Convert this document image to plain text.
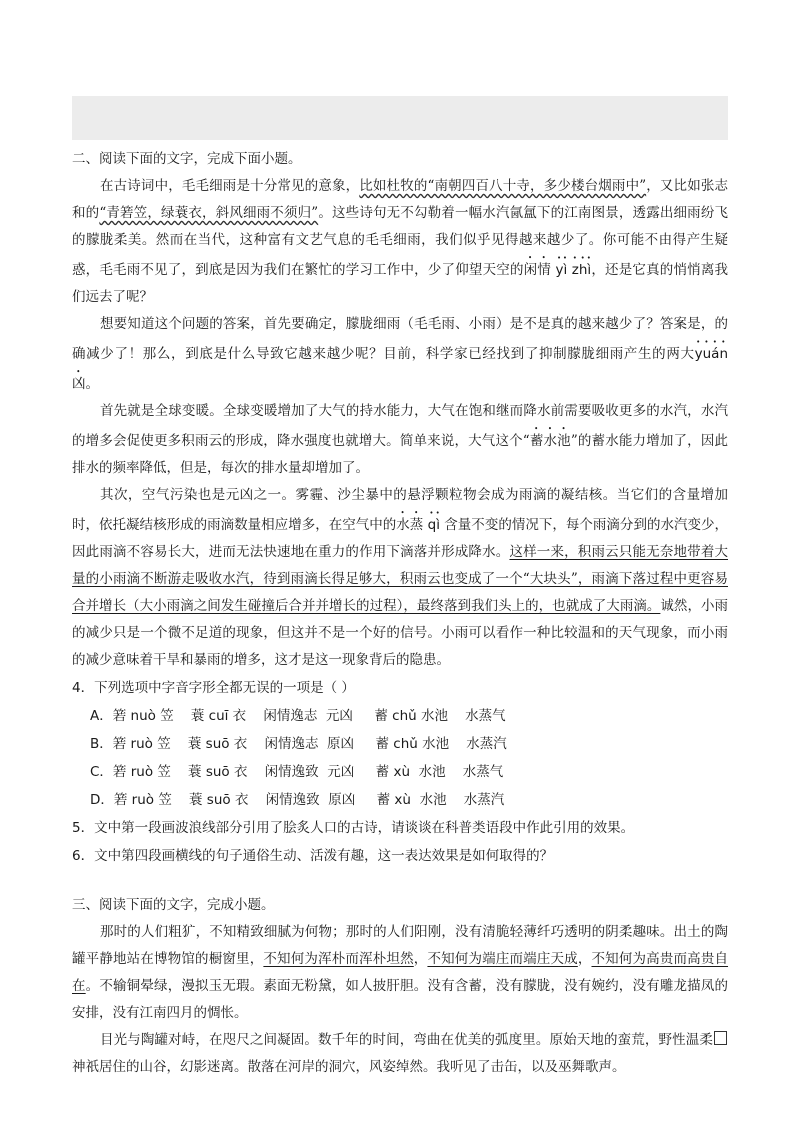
二、阅读下面的文字，完成下面小题。

在古诗词中，毛毛细雨是十分常见的意象，比如杜牧的“南朝四百八十寺，多少楼台烟雨中”，又比如张志和的“青箬笠，绿蓑衣，斜风细雨不须归”。这些诗句无不勾勒着一幅水汽氤氲下的江南图景，透露出细雨纷飞的朦胧柔美。然而在当代，这种富有文艺气息的毛毛细雨，我们似乎见得越来越少了。你可能不由得产生疑惑，毛毛雨不见了，到底是因为我们在繁忙的学习工作中，少了仰望天空的闲情 yì zhì，还是它真的悄悄离我们远去了呢？

想要知道这个问题的答案，首先要确定，朦胧细雨（毛毛雨、小雨）是不是真的越来越少了？答案是，的确减少了！那么，到底是什么导致它越来越少呢？目前，科学家已经找到了抑制朦胧细雨产生的两大yuán 凶。

首先就是全球变暖。全球变暖增加了大气的持水能力，大气在饱和继而降水前需要吸收更多的水汽，水汽的增多会促使更多积雨云的形成，降水强度也就增大。简单来说，大气这个“蓄水池”的蓄水能力增加了，因此排水的频率降低，但是，每次的排水量却增加了。

其次，空气污染也是元凶之一。雾霾、沙尘暴中的悬浮颗粒物会成为雨滴的凝结核。当它们的含量增加时，依托凝结核形成的雨滴数量相应增多，在空气中的水蒸 qì 含量不变的情况下，每个雨滴分到的水汽变少，因此雨滴不容易长大，进而无法快速地在重力的作用下滴落并形成降水。这样一来，积雨云只能无奈地带着大量的小雨滴不断游走吸收水汽，待到雨滴长得足够大，积雨云也变成了一个“大块头”，雨滴下落过程中更容易合并增长（大小雨滴之间发生碰撞后合并并增长的过程），最终落到我们头上的，也就成了大雨滴。诚然，小雨的减少只是一个微不足道的现象，但这并不是一个好的信号。小雨可以看作一种比较温和的天气现象，而小雨的减少意味着干旱和暴雨的增多，这才是这一现象背后的隐患。

4．下列选项中字音字形全都无误的一项是（ ）

A．箬 nuò 笠    蓑 cuī 衣    闲情逸志  元凶     蓄 chǔ 水池    水蒸气

B．箬 ruò 笠    蓑 suō 衣    闲情逸志  原凶     蓄 chǔ 水池    水蒸汽

C．箬 ruò 笠    蓑 suō 衣    闲情逸致  元凶     蓄 xù  水池    水蒸气

D．箬 ruò 笠    蓑 suō 衣    闲情逸致  原凶     蓄 xù  水池    水蒸汽

5．文中第一段画波浪线部分引用了脍炙人口的古诗，请谈谈在科普类语段中作此引用的效果。

6．文中第四段画横线的句子通俗生动、活泼有趣，这一表达效果是如何取得的？

三、阅读下面的文字，完成小题。

那时的人们粗犷，不知精致细腻为何物；那时的人们阳刚，没有清脆轻薄纤巧透明的阴柔趣味。出土的陶罐平静地站在博物馆的橱窗里，不知何为浑朴而浑朴坦然，不知何为端庄而端庄天成，不知何为高贵而高贵自在。不输铜晕绿，漫拟玉无瑕。素面无粉黛，如人披肝胆。没有含蓄，没有朦胧，没有婉约，没有雕龙描凤的安排，没有江南四月的惆怅。

目光与陶罐对峙，在咫尺之间凝固。数千年的时间，弯曲在优美的弧度里。原始天地的蛮荒，野性温柔神祇居住的山谷，幻影迷离。散落在河岸的洞穴，风姿绰然。我听见了击缶，以及巫舞歌声。
